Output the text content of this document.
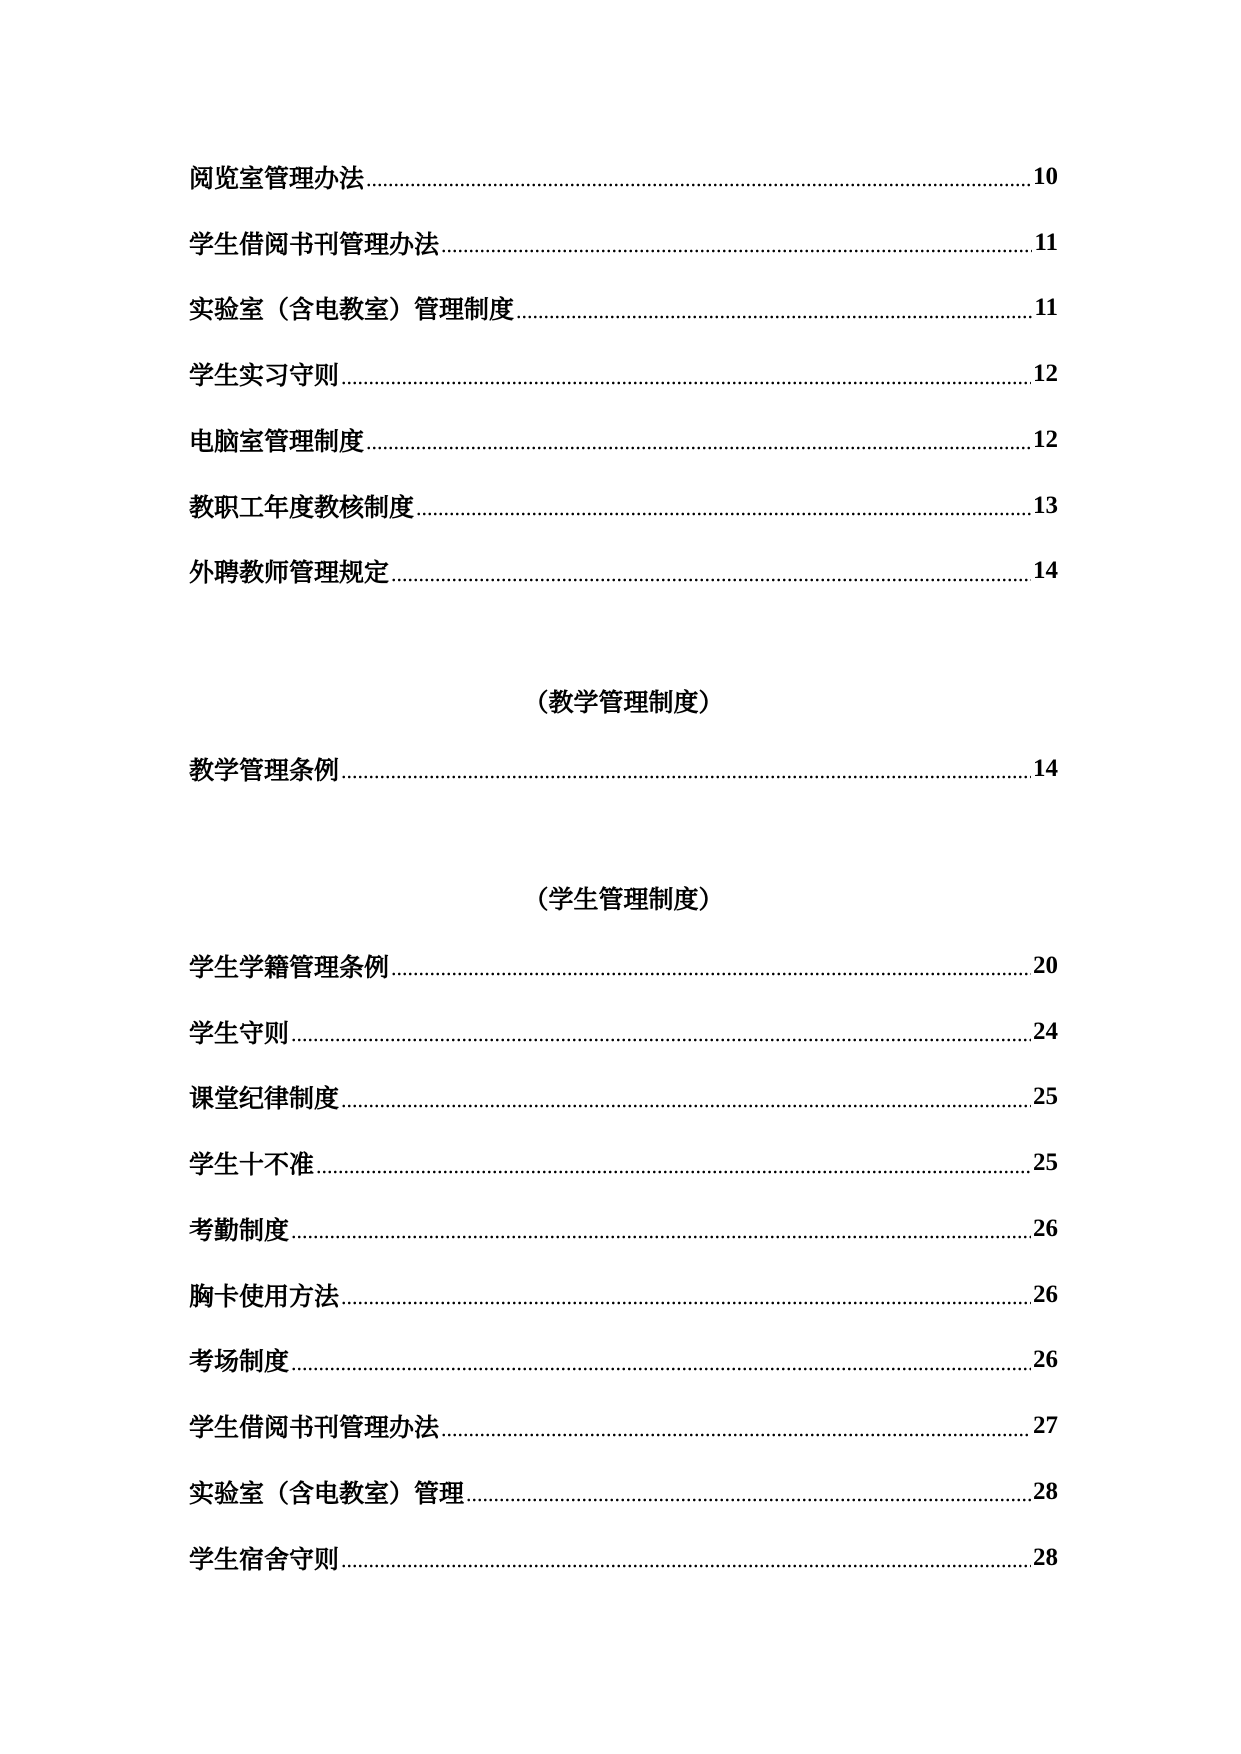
阅览室管理办法	10
学生借阅书刊管理办法	11
实验室（含电教室）管理制度	11
学生实习守则	12
电脑室管理制度	12
教职工年度教核制度	13
外聘教师管理规定	14
（教学管理制度）
教学管理条例	14
（学生管理制度）
学生学籍管理条例	20
学生守则	24
课堂纪律制度	25
学生十不准	25
考勤制度	26
胸卡使用方法	26
考场制度	26
学生借阅书刊管理办法	27
实验室（含电教室）管理	28
学生宿舍守则	28
